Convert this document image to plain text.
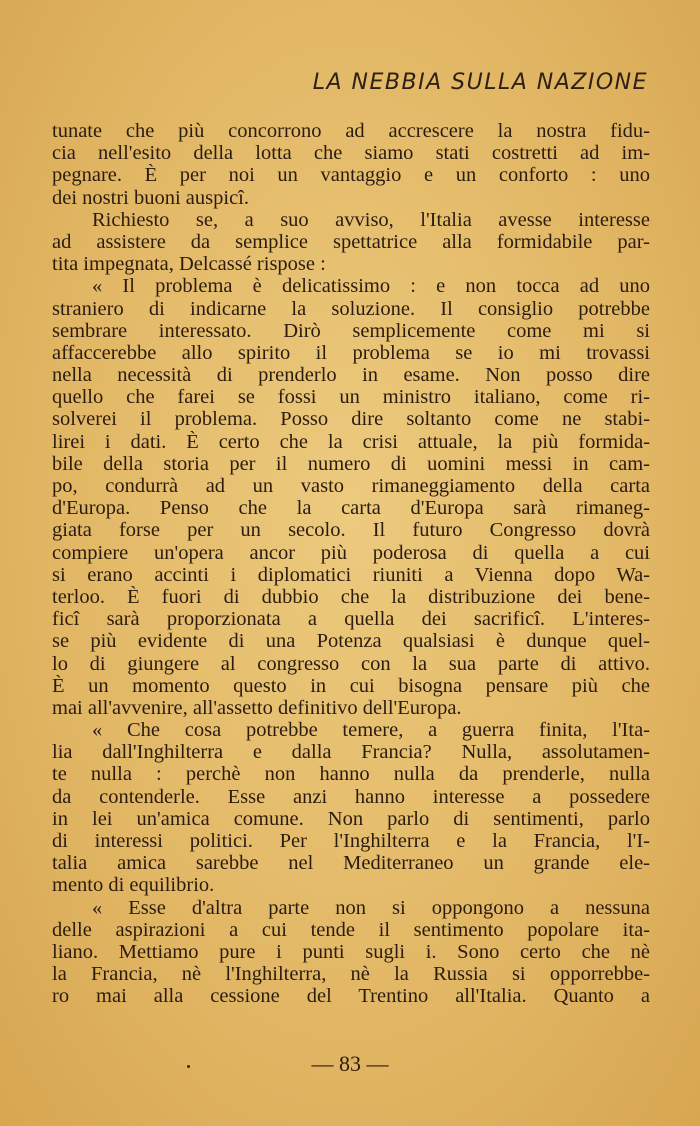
LA NEBBIA SULLA NAZIONE
tunate che più concorrono ad accrescere la nostra fidu-
cia nell'esito della lotta che siamo stati costretti ad im-
pegnare. È per noi un vantaggio e un conforto : uno
dei nostri buoni auspicî.
Richiesto se, a suo avviso, l'Italia avesse interesse
ad assistere da semplice spettatrice alla formidabile par-
tita impegnata, Delcassé rispose :
« Il problema è delicatissimo : e non tocca ad uno
straniero di indicarne la soluzione. Il consiglio potrebbe
sembrare interessato. Dirò semplicemente come mi si
affaccerebbe allo spirito il problema se io mi trovassi
nella necessità di prenderlo in esame. Non posso dire
quello che farei se fossi un ministro italiano, come ri-
solverei il problema. Posso dire soltanto come ne stabi-
lirei i dati. È certo che la crisi attuale, la più formida-
bile della storia per il numero di uomini messi in cam-
po, condurrà ad un vasto rimaneggiamento della carta
d'Europa. Penso che la carta d'Europa sarà rimaneg-
giata forse per un secolo. Il futuro Congresso dovrà
compiere un'opera ancor più poderosa di quella a cui
si erano accinti i diplomatici riuniti a Vienna dopo Wa-
terloo. È fuori di dubbio che la distribuzione dei bene-
ficî sarà proporzionata a quella dei sacrificî. L'interes-
se più evidente di una Potenza qualsiasi è dunque quel-
lo di giungere al congresso con la sua parte di attivo.
È un momento questo in cui bisogna pensare più che
mai all'avvenire, all'assetto definitivo dell'Europa.
« Che cosa potrebbe temere, a guerra finita, l'Ita-
lia dall'Inghilterra e dalla Francia? Nulla, assolutamen-
te nulla : perchè non hanno nulla da prenderle, nulla
da contenderle. Esse anzi hanno interesse a possedere
in lei un'amica comune. Non parlo di sentimenti, parlo
di interessi politici. Per l'Inghilterra e la Francia, l'I-
talia amica sarebbe nel Mediterraneo un grande ele-
mento di equilibrio.
« Esse d'altra parte non si oppongono a nessuna
delle aspirazioni a cui tende il sentimento popolare ita-
liano. Mettiamo pure i punti sugli i. Sono certo che nè
la Francia, nè l'Inghilterra, nè la Russia si opporrebbe-
ro mai alla cessione del Trentino all'Italia. Quanto a
— 83 —
